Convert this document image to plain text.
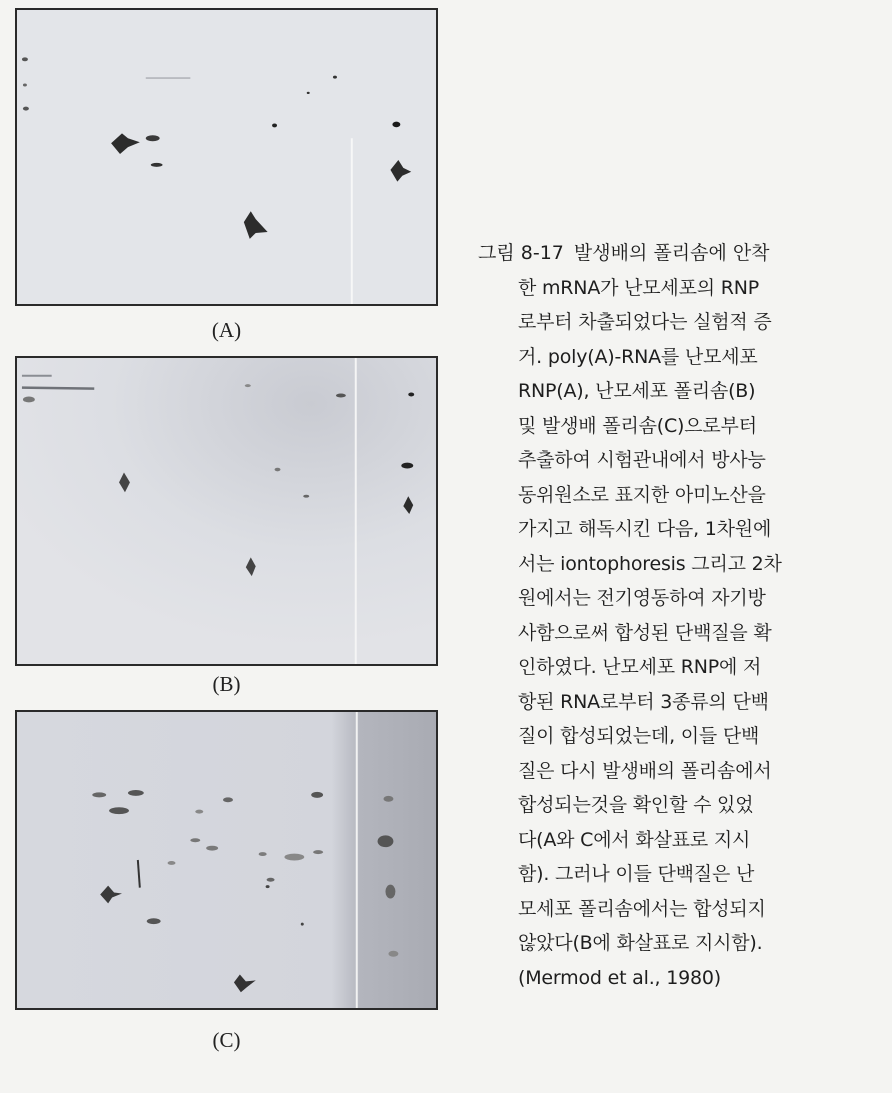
(A)
(B)
(C)
그림 8-17 발생배의 폴리솜에 안착
한 mRNA가 난모세포의 RNP
로부터 차출되었다는 실험적 증
거. poly(A)-RNA를 난모세포
RNP(A), 난모세포 폴리솜(B)
및 발생배 폴리솜(C)으로부터
추출하여 시험관내에서 방사능
동위원소로 표지한 아미노산을
가지고 해독시킨 다음, 1차원에
서는 iontophoresis 그리고 2차
원에서는 전기영동하여 자기방
사함으로써 합성된 단백질을 확
인하였다. 난모세포 RNP에 저
항된 RNA로부터 3종류의 단백
질이 합성되었는데, 이들 단백
질은 다시 발생배의 폴리솜에서
합성되는것을 확인할 수 있었
다(A와 C에서 화살표로 지시
함). 그러나 이들 단백질은 난
모세포 폴리솜에서는 합성되지
않았다(B에 화살표로 지시함).
(Mermod et al., 1980)
